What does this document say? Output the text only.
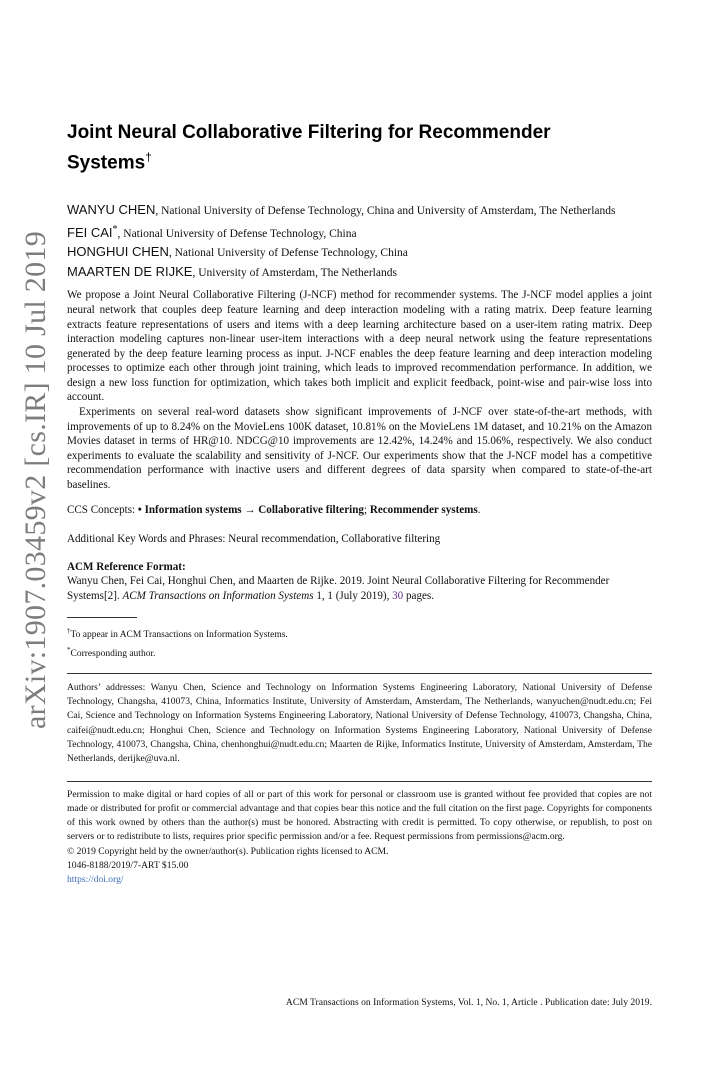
arXiv:1907.03459v2 [cs.IR] 10 Jul 2019
Joint Neural Collaborative Filtering for Recommender
Systems†
WANYU CHEN, National University of Defense Technology, China and University of Amsterdam, The Netherlands
FEI CAI*, National University of Defense Technology, China
HONGHUI CHEN, National University of Defense Technology, China
MAARTEN DE RIJKE, University of Amsterdam, The Netherlands

We propose a Joint Neural Collaborative Filtering (J-NCF) method for recommender systems. The J-NCF model applies a joint neural network that couples deep feature learning and deep interaction modeling with a rating matrix. Deep feature learning extracts feature representations of users and items with a deep learning architecture based on a user-item rating matrix. Deep interaction modeling captures non-linear user-item interactions with a deep neural network using the feature representations generated by the deep feature learning process as input. J-NCF enables the deep feature learning and deep interaction modeling processes to optimize each other through joint training, which leads to improved recommendation performance. In addition, we design a new loss function for optimization, which takes both implicit and explicit feedback, point-wise and pair-wise loss into account.

Experiments on several real-word datasets show significant improvements of J-NCF over state-of-the-art methods, with improvements of up to 8.24% on the MovieLens 100K dataset, 10.81% on the MovieLens 1M dataset, and 10.21% on the Amazon Movies dataset in terms of HR@10. NDCG@10 improvements are 12.42%, 14.24% and 15.06%, respectively. We also conduct experiments to evaluate the scalability and sensitivity of J-NCF. Our experiments show that the J-NCF model has a competitive recommendation performance with inactive users and different degrees of data sparsity when compared to state-of-the-art baselines.

CCS Concepts: • Information systems → Collaborative filtering; Recommender systems.
Additional Key Words and Phrases: Neural recommendation, Collaborative filtering
ACM Reference Format:
Wanyu Chen, Fei Cai, Honghui Chen, and Maarten de Rijke. 2019. Joint Neural Collaborative Filtering for Recommender Systems[2]. ACM Transactions on Information Systems 1, 1 (July 2019), 30 pages.
†To appear in ACM Transactions on Information Systems.
*Corresponding author.
Authors’ addresses: Wanyu Chen, Science and Technology on Information Systems Engineering Laboratory, National University of Defense Technology, Changsha, 410073, China, Informatics Institute, University of Amsterdam, Amsterdam, The Netherlands, wanyuchen@nudt.edu.cn; Fei Cai, Science and Technology on Information Systems Engineering Laboratory, National University of Defense Technology, 410073, Changsha, China, caifei@nudt.edu.cn; Honghui Chen, Science and Technology on Information Systems Engineering Laboratory, National University of Defense Technology, 410073, Changsha, China, chenhonghui@nudt.edu.cn; Maarten de Rijke, Informatics Institute, University of Amsterdam, Amsterdam, The Netherlands, derijke@uva.nl.
Permission to make digital or hard copies of all or part of this work for personal or classroom use is granted without fee provided that copies are not made or distributed for profit or commercial advantage and that copies bear this notice and the full citation on the first page. Copyrights for components of this work owned by others than the author(s) must be honored. Abstracting with credit is permitted. To copy otherwise, or republish, to post on servers or to redistribute to lists, requires prior specific permission and/or a fee. Request permissions from permissions@acm.org.
© 2019 Copyright held by the owner/author(s). Publication rights licensed to ACM.
1046-8188/2019/7-ART $15.00
https://doi.org/
ACM Transactions on Information Systems, Vol. 1, No. 1, Article . Publication date: July 2019.
